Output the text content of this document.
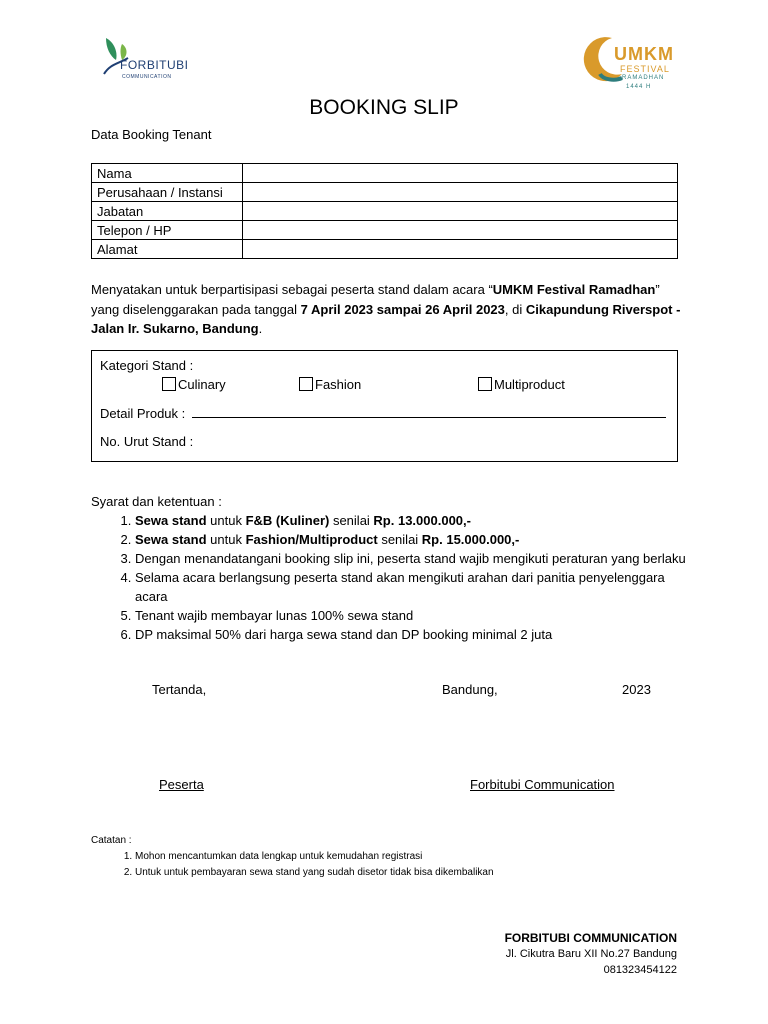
FORBITUBI
COMMUNICATION
UMKM
FESTIVAL
RAMADHAN
1444 H
BOOKING SLIP
Data Booking Tenant
Nama	
Perusahaan / Instansi	
Jabatan	
Telepon / HP	
Alamat	
Menyatakan untuk berpartisipasi sebagai peserta stand dalam acara “UMKM Festival Ramadhan” yang diselenggarakan pada tanggal 7 April 2023 sampai 26 April 2023, di Cikapundung Riverspot - Jalan Ir. Sukarno, Bandung.
Kategori Stand :
Culinary	Fashion	Multiproduct
Detail Produk :
No. Urut Stand :
Syarat dan ketentuan :
1. Sewa stand untuk F&B (Kuliner) senilai Rp. 13.000.000,-
2. Sewa stand untuk Fashion/Multiproduct senilai Rp. 15.000.000,-
3. Dengan menandatangani booking slip ini, peserta stand wajib mengikuti peraturan yang berlaku
4. Selama acara berlangsung peserta stand akan mengikuti arahan dari panitia penyelenggara acara
5. Tenant wajib membayar lunas 100% sewa stand
6. DP maksimal 50% dari harga sewa stand dan DP booking minimal 2 juta
Tertanda,	Bandung,	2023
Peserta	Forbitubi Communication
Catatan :
1. Mohon mencantumkan data lengkap untuk kemudahan registrasi
2. Untuk untuk pembayaran sewa stand yang sudah disetor tidak bisa dikembalikan
FORBITUBI COMMUNICATION
Jl. Cikutra Baru XII No.27 Bandung
081323454122
